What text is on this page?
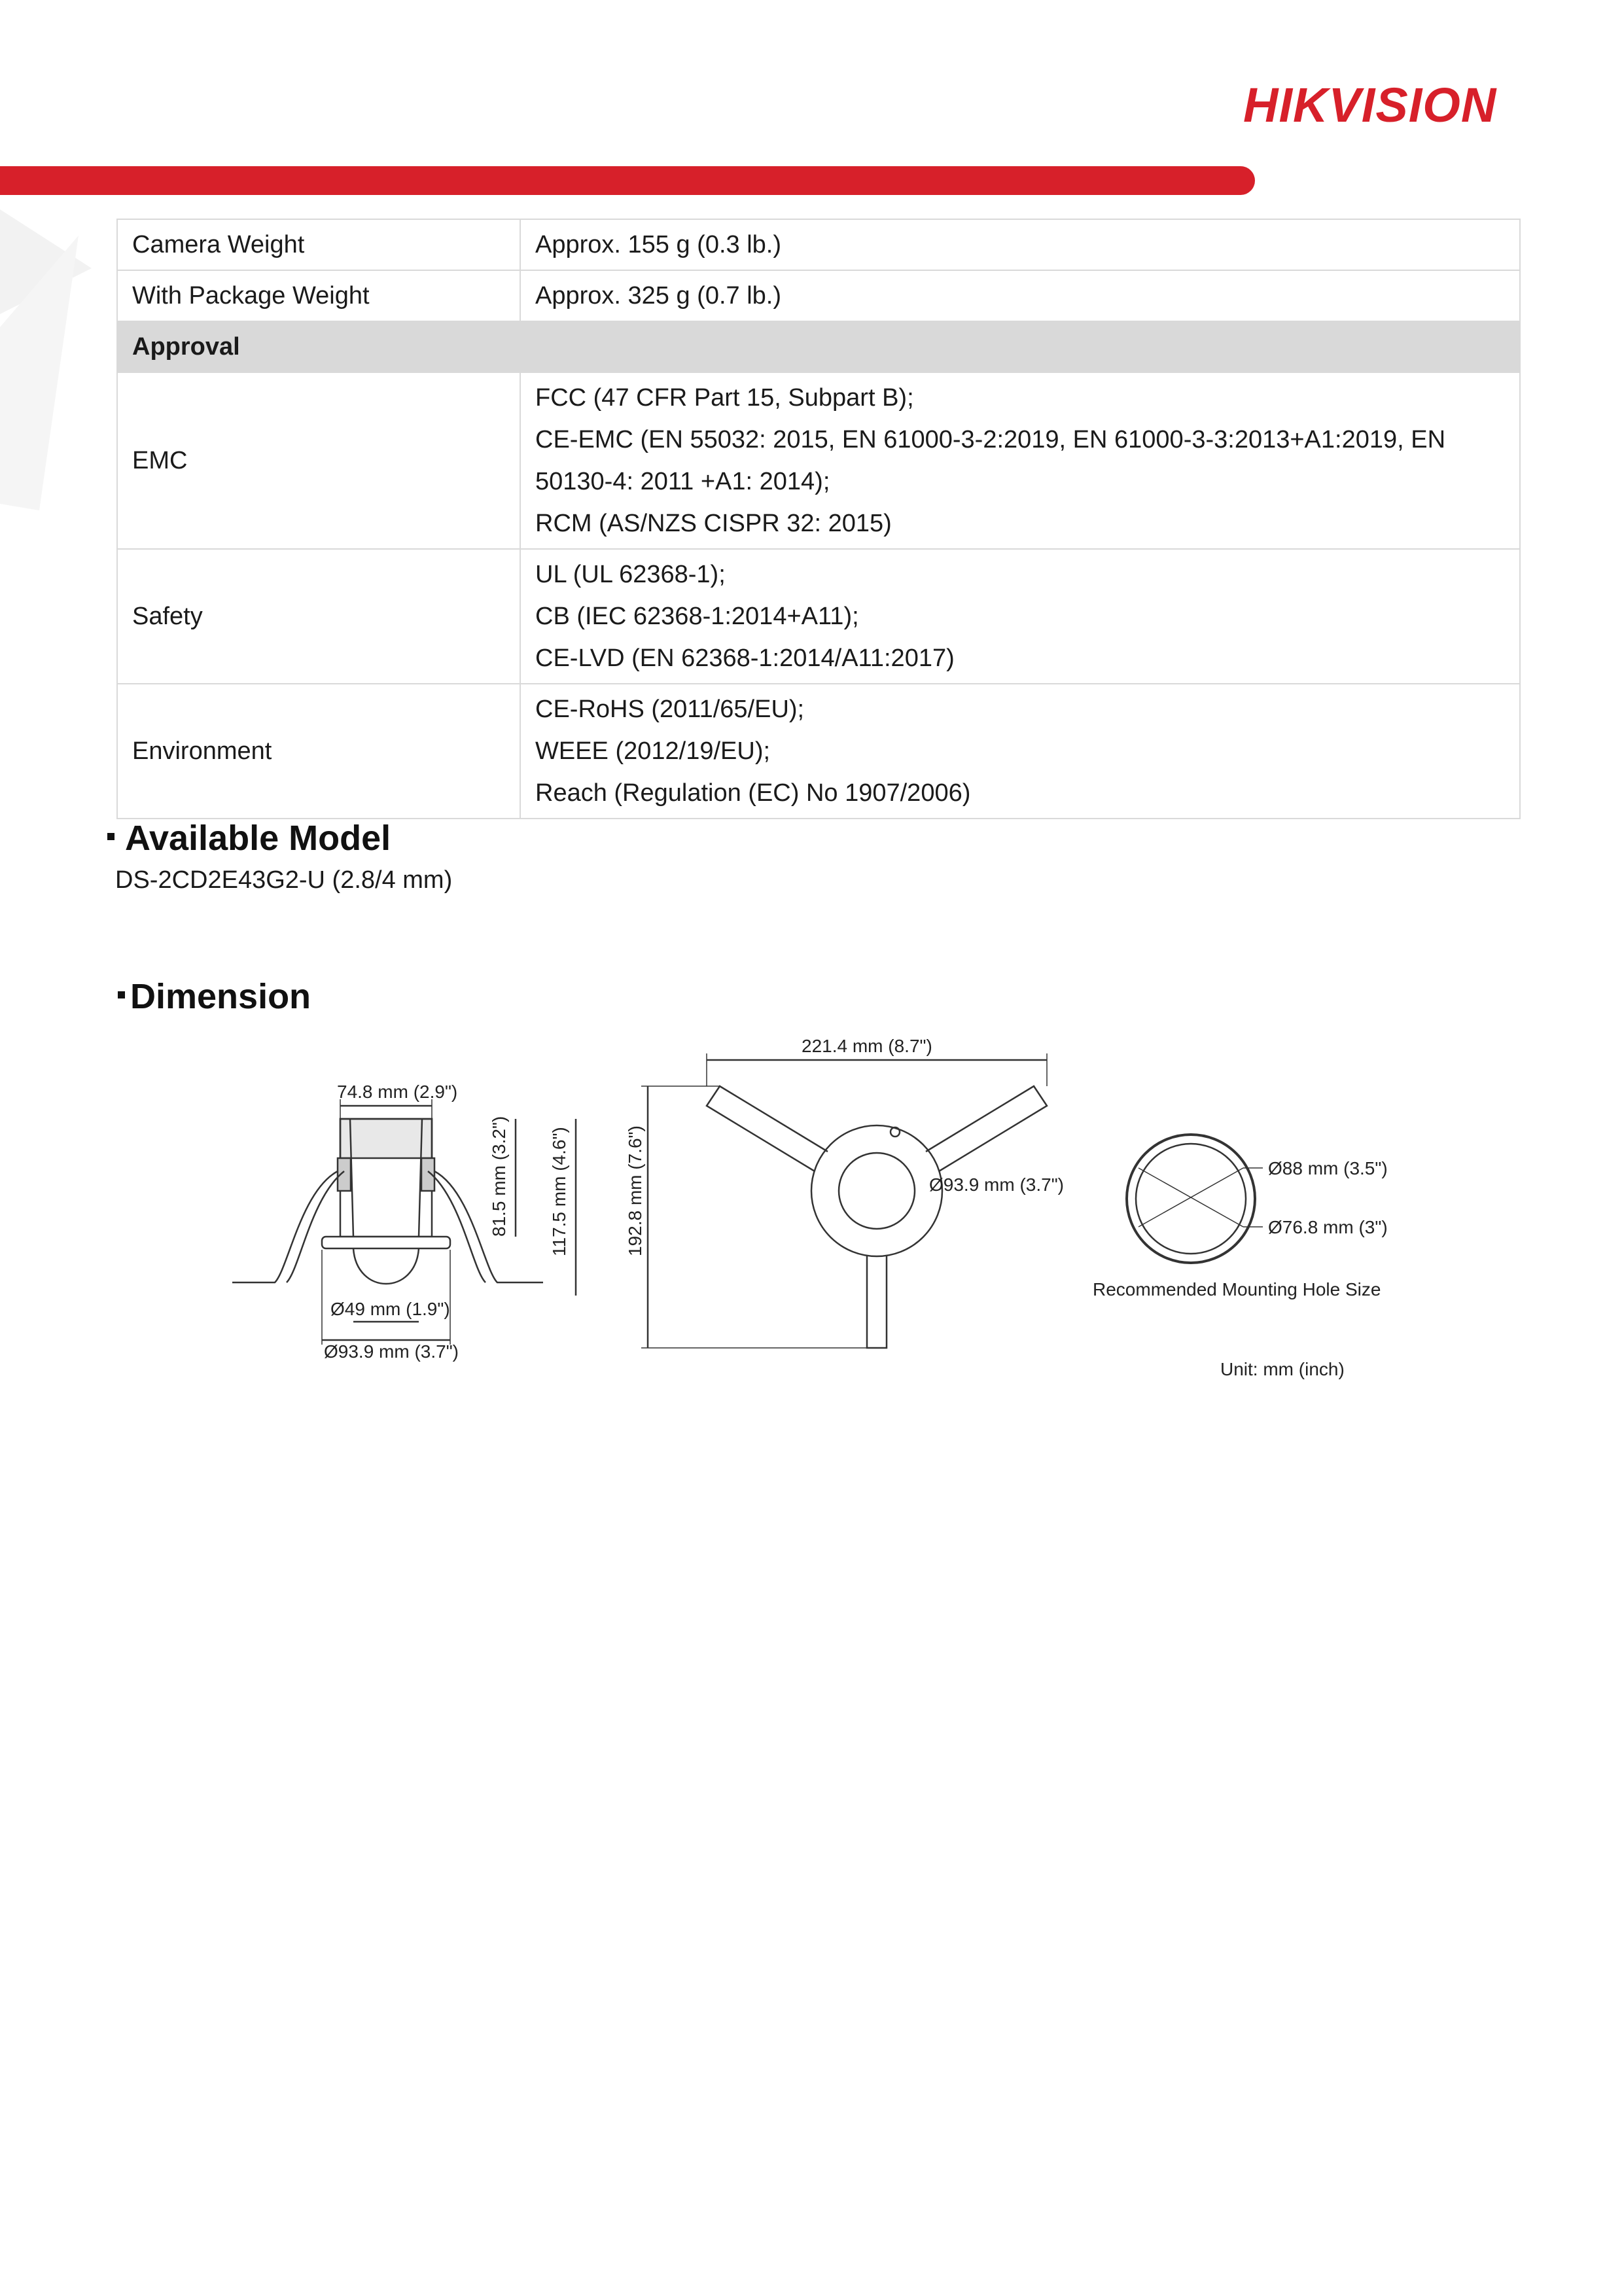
HIKVISION
Camera Weight	Approx. 155 g (0.3 lb.)

With Package Weight	Approx. 325 g (0.7 lb.)

Approval	
EMC	FCC (47 CFR Part 15, Subpart B);
CE-EMC (EN 55032: 2015, EN 61000-3-2:2019, EN 61000-3-3:2013+A1:2019, EN
50130-4: 2011 +A1: 2014);
RCM (AS/NZS CISPR 32: 2015)

Safety	UL (UL 62368-1);
CB (IEC 62368-1:2014+A11);
CE-LVD (EN 62368-1:2014/A11:2017)

Environment	CE-RoHS (2011/65/EU);
WEEE (2012/19/EU);
Reach (Regulation (EC) No 1907/2006)
Available Model
DS-2CD2E43G2-U (2.8/4 mm)
Dimension
74.8 mm (2.9")
81.5 mm (3.2") 117.5 mm (4.6")
Ø49 mm (1.9")
Ø93.9 mm (3.7")
221.4 mm (8.7")
192.8 mm (7.6")	Ø93.9 mm (3.7")
Ø88 mm (3.5")
Ø76.8 mm (3")
Recommended Mounting Hole Size
Unit: mm (inch)
